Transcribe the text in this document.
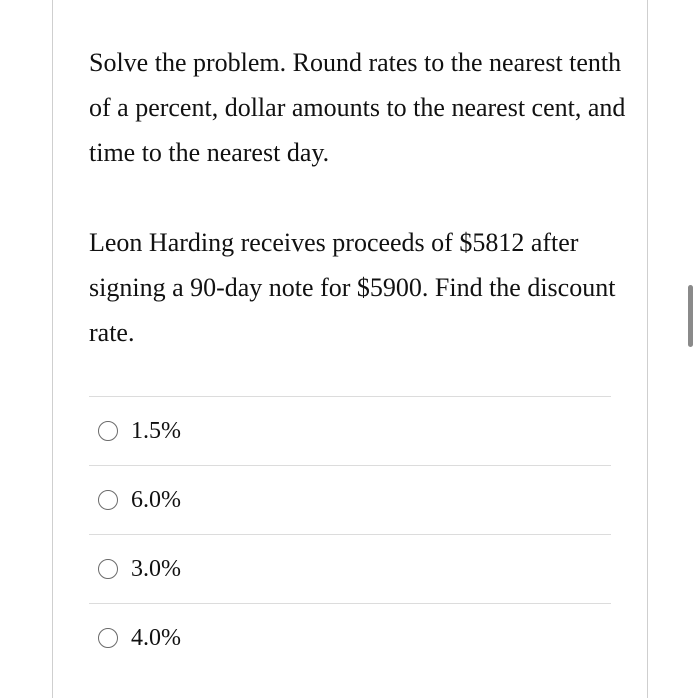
Solve the problem. Round rates to the nearest tenth of a percent, dollar amounts to the nearest cent, and time to the nearest day.

Leon Harding receives proceeds of $5812 after signing a 90-day note for $5900. Find the discount rate.

1.5%
6.0%
3.0%
4.0%
